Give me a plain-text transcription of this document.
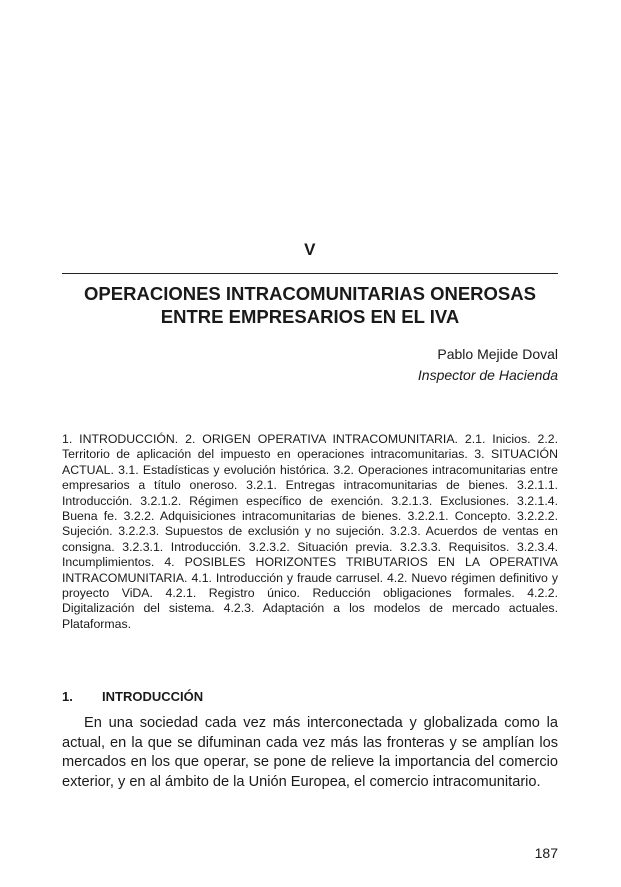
V
OPERACIONES INTRACOMUNITARIAS ONEROSAS
ENTRE EMPRESARIOS EN EL IVA
Pablo Mejide Doval
Inspector de Hacienda
1. INTRODUCCIÓN. 2. ORIGEN OPERATIVA INTRACOMUNITARIA. 2.1. Inicios. 2.2. Territorio de aplicación del impuesto en operaciones intracomunitarias. 3. SITUACIÓN ACTUAL. 3.1. Estadísticas y evolución histórica. 3.2. Operaciones intracomunitarias entre empresarios a título oneroso. 3.2.1. Entregas intracomunitarias de bienes. 3.2.1.1. Introducción. 3.2.1.2. Régimen específico de exención. 3.2.1.3. Exclusiones. 3.2.1.4. Buena fe. 3.2.2. Adquisiciones intracomunitarias de bienes. 3.2.2.1. Concepto. 3.2.2.2. Sujeción. 3.2.2.3. Supuestos de exclusión y no sujeción. 3.2.3. Acuerdos de ventas en consigna. 3.2.3.1. Introducción. 3.2.3.2. Situación previa. 3.2.3.3. Requisitos. 3.2.3.4. Incumplimientos. 4. POSIBLES HORIZONTES TRIBUTARIOS EN LA OPERATIVA INTRACOMUNITARIA. 4.1. Introducción y fraude carrusel. 4.2. Nuevo régimen definitivo y proyecto ViDA. 4.2.1. Registro único. Reducción obligaciones formales. 4.2.2. Digitalización del sistema. 4.2.3. Adaptación a los modelos de mercado actuales. Plataformas.
1. INTRODUCCIÓN
En una sociedad cada vez más interconectada y globalizada como la actual, en la que se difuminan cada vez más las fronteras y se amplían los mercados en los que operar, se pone de relieve la importancia del comercio exterior, y en al ámbito de la Unión Europea, el comercio intracomunitario.
187
